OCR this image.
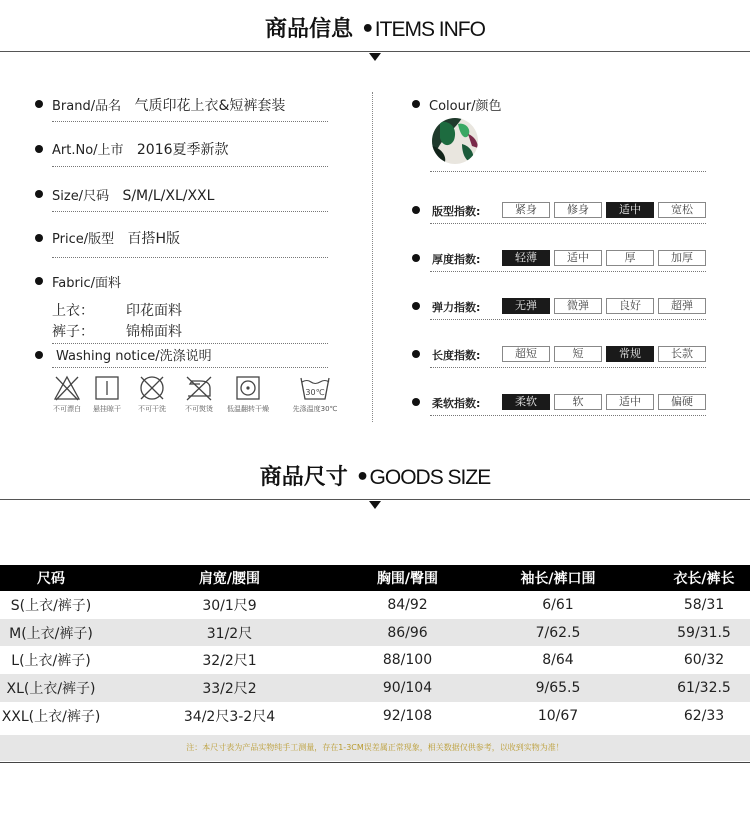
商品信息 •ITEMS INFO
Brand/品名 气质印花上衣&短裤套装
Art.No/上市 2016夏季新款
Size/尺码 S/M/L/XL/XXL
Price/版型 百搭H版
Fabric/面料
上衣： 印花面料
裤子： 锦棉面料
Washing notice/洗涤说明
不可漂白	悬挂晾干	不可干洗	不可熨烫	低温翻转干燥
30℃
先涤温度30℃
Colour/颜色
版型指数:	紧身	修身	适中	宽松
厚度指数:	轻薄	适中	厚	加厚
弹力指数:	无弹	微弹	良好	超弹
长度指数:	超短	短	常规	长款
柔软指数:	柔软	软	适中	偏硬
商品尺寸 •GOODS SIZE
尺码	肩宽/腰围	胸围/臀围	袖长/裤口围	衣长/裤长
S(上衣/裤子)	30/1尺9	84/92	6/61	58/31
M(上衣/裤子)	31/2尺	86/96	7/62.5	59/31.5
L(上衣/裤子)	32/2尺1	88/100	8/64	60/32
XL(上衣/裤子)	33/2尺2	90/104	9/65.5	61/32.5
XXL(上衣/裤子)	34/2尺3-2尺4	92/108	10/67	62/33
注：本尺寸表为产品实物纯手工测量，存在1-3CM误差属正常现象，相关数据仅供参考，以收到实物为准！
